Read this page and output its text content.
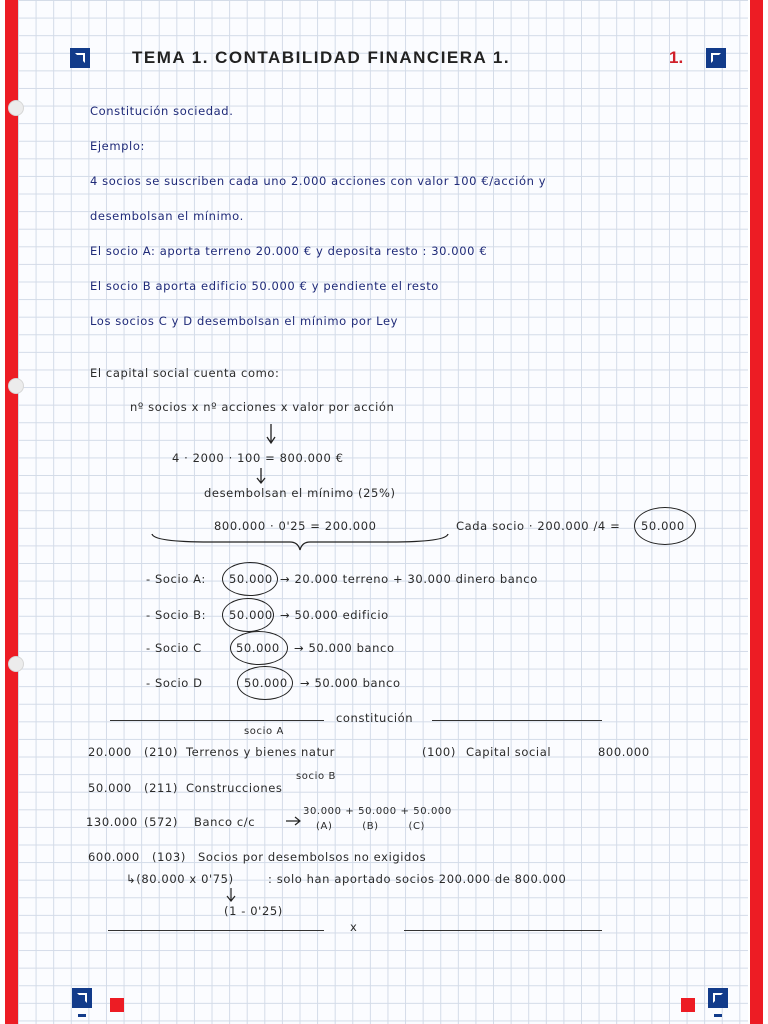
TEMA 1. CONTABILIDAD FINANCIERA 1.	1.
Constitución sociedad.
Ejemplo:
4 socios se suscriben cada uno 2.000 acciones con valor 100 €/acción y
desembolsan el mínimo.
El socio A: aporta terreno 20.000 € y deposita resto : 30.000 €
El socio B aporta edificio 50.000 € y pendiente el resto
Los socios C y D desembolsan el mínimo por Ley
El capital social cuenta como:
nº socios x nº acciones x valor por acción
4 · 2000 · 100 = 800.000 €
desembolsan el mínimo (25%)
800.000 · 0'25 = 200.000	Cada socio · 200.000 /4 = 50.000
- Socio A: 50.000 → 20.000 terreno + 30.000 dinero banco
- Socio B: 50.000 → 50.000 edificio
- Socio C	50.000 → 50.000 banco
- Socio D	50.000 → 50.000 banco
constitución
socio A
20.000 (210) Terrenos y bienes natur	(100) Capital social	800.000
socio B
50.000 (211) Construcciones
130.000 (572) Banco c/c
30.000 + 50.000 + 50.000
(A) (B) (C)
600.000 (103) Socios por desembolsos no exigidos
↳(80.000 x 0'75)	: solo han aportado socios 200.000 de 800.000
(1 - 0'25)
x
